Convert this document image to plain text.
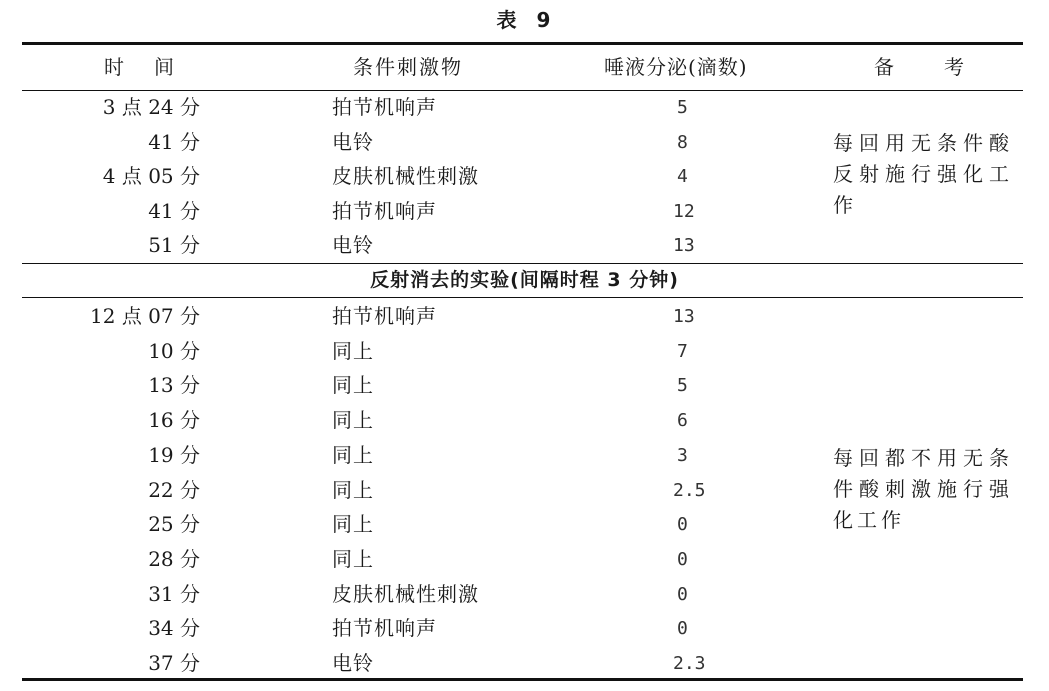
表 9
时间	条件刺激物	唾液分泌(滴数)	备考
3 点 24 分	拍节机响声	5
41 分	电铃	8
4 点 05 分	皮肤机械性刺激	4
41 分	拍节机响声	12
51 分	电铃	13
每回用无条件酸反射施行强化工作
反射消去的实验(间隔时程 3 分钟)
12 点 07 分	拍节机响声	13
10 分	同上	7
13 分	同上	5
16 分	同上	6
19 分	同上	3
22 分	同上	2.5
25 分	同上	0
28 分	同上	0
31 分	皮肤机械性刺激	0
34 分	拍节机响声	0
37 分	电铃	2.3
每回都不用无条件酸刺激施行强化工作
